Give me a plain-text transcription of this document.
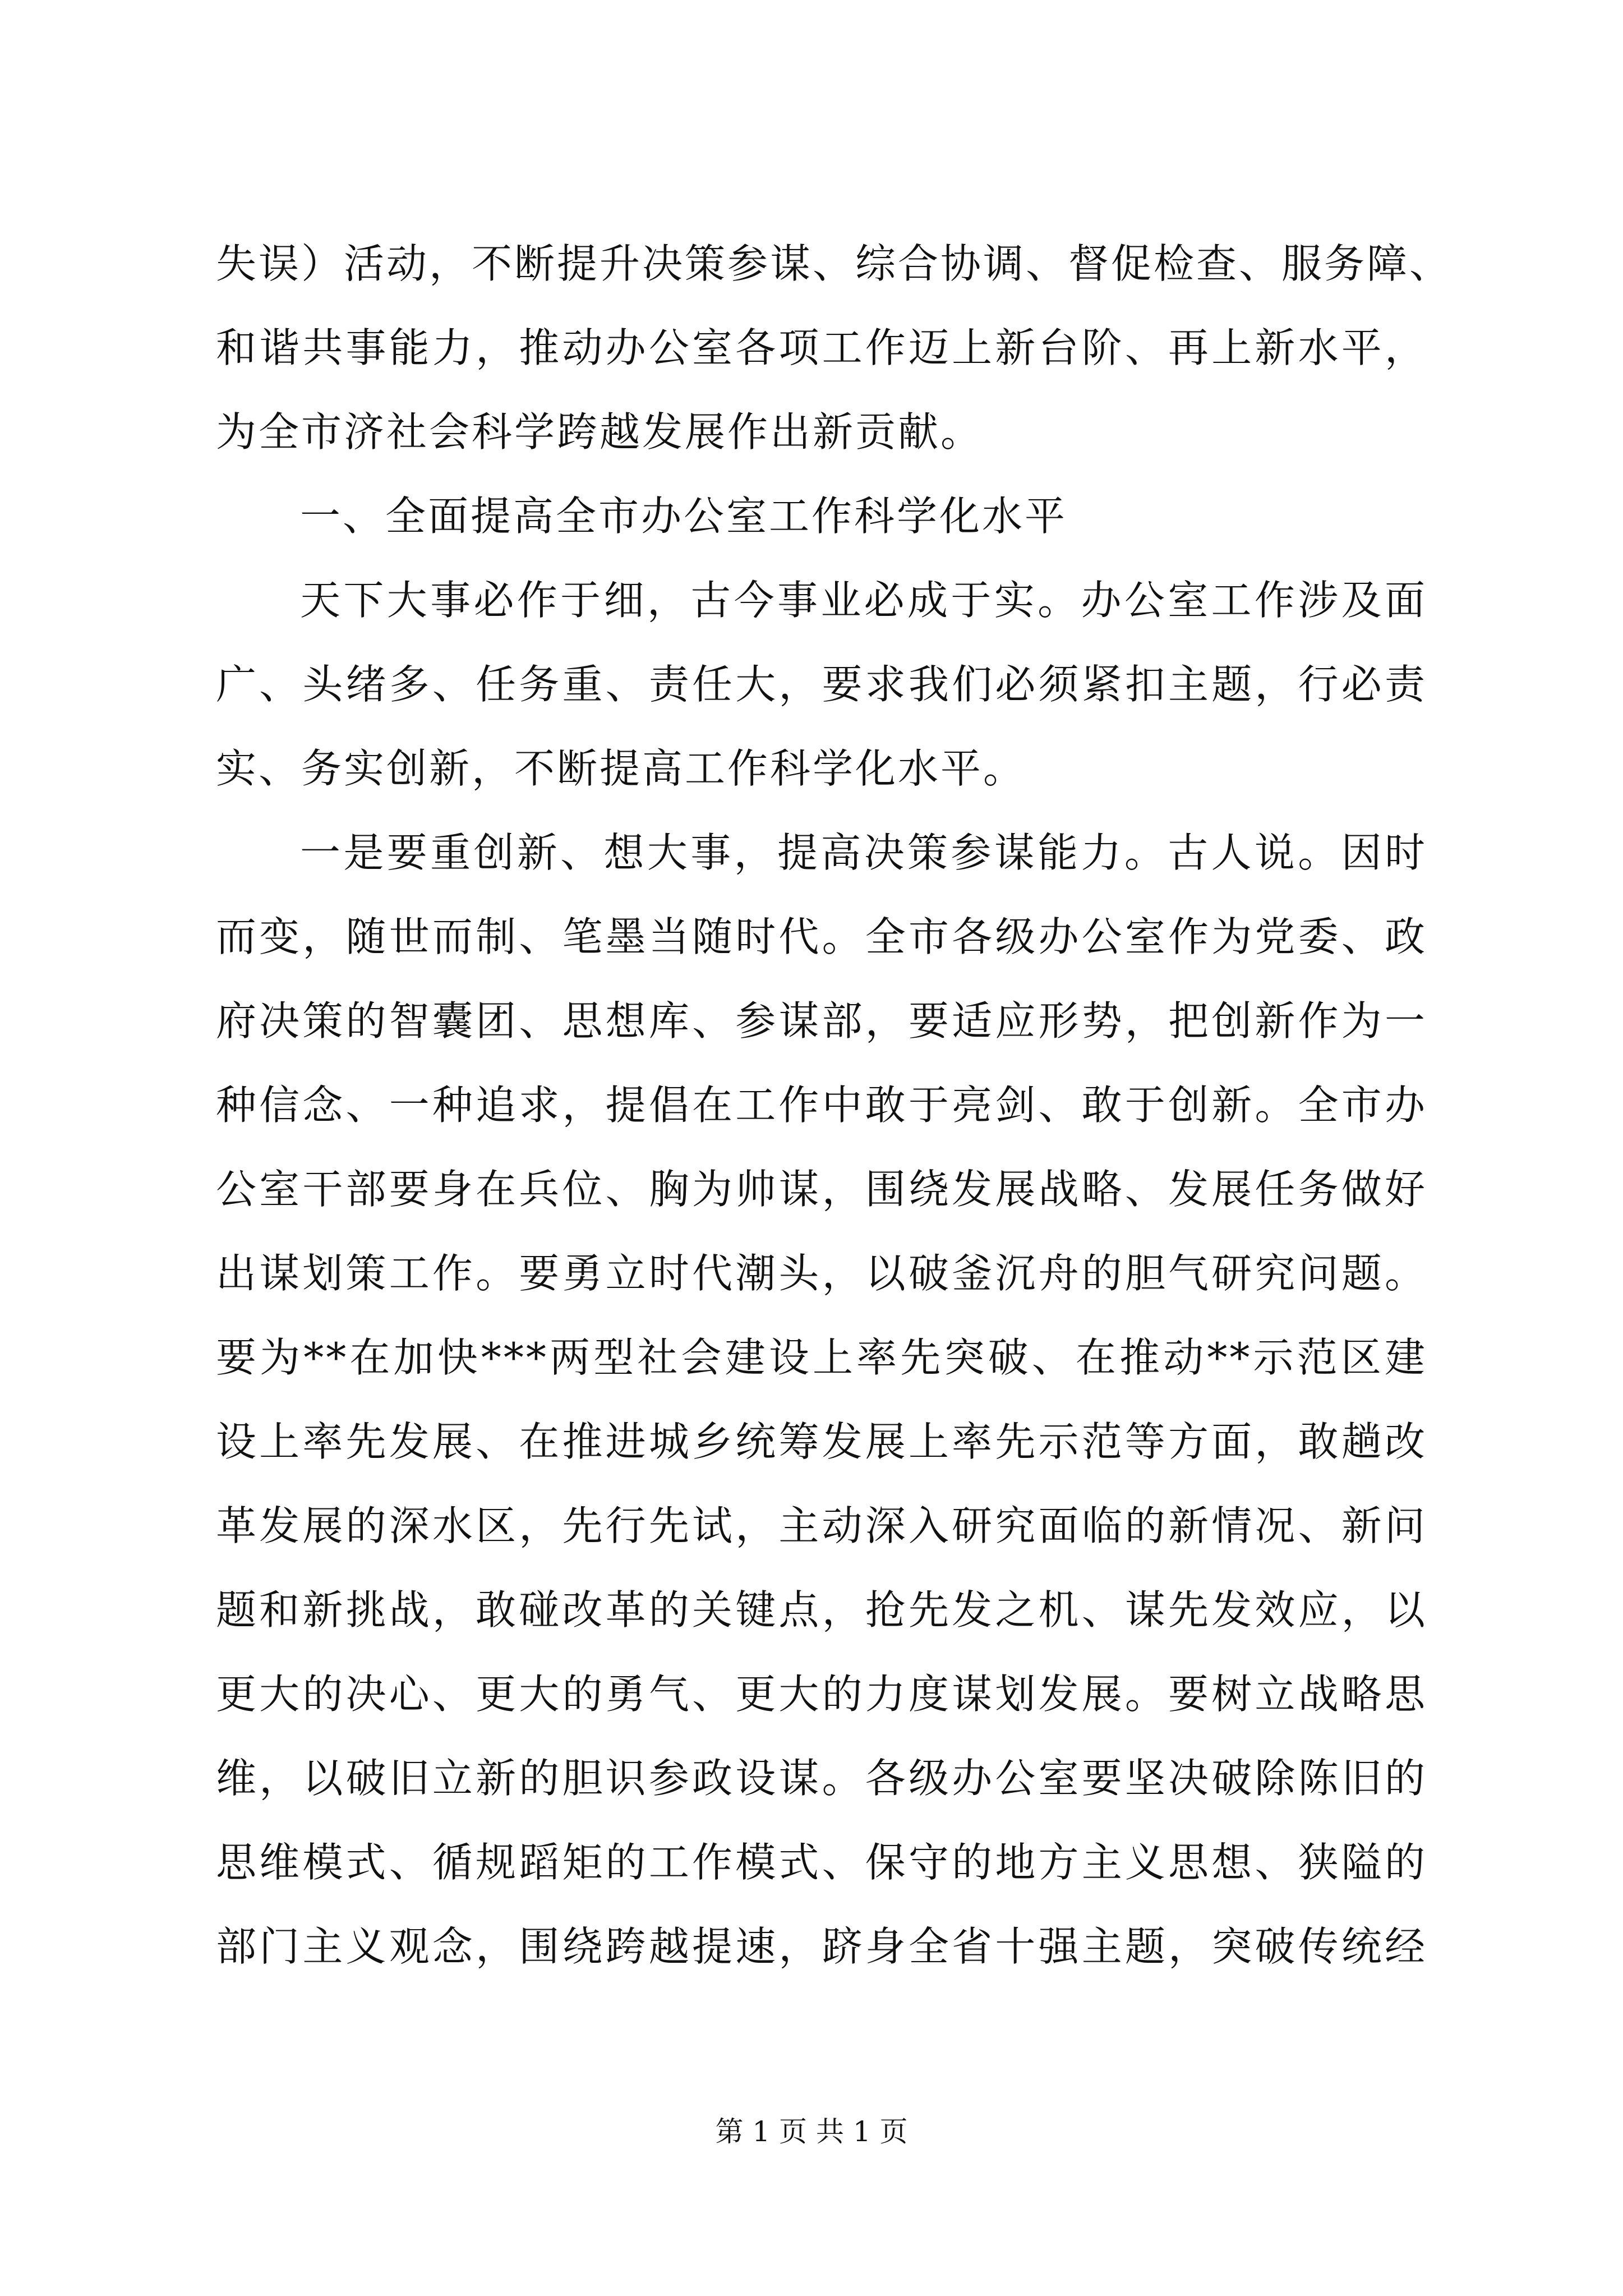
失误）活动，不断提升决策参谋、综合协调、督促检查、服务障、
和谐共事能力，推动办公室各项工作迈上新台阶、再上新水平，
为全市济社会科学跨越发展作出新贡献。
一、全面提高全市办公室工作科学化水平
天下大事必作于细，古今事业必成于实。办公室工作涉及面
广、头绪多、任务重、责任大，要求我们必须紧扣主题，行必责
实、务实创新，不断提高工作科学化水平。
一是要重创新、想大事，提高决策参谋能力。古人说。因时
而变，随世而制、笔墨当随时代。全市各级办公室作为党委、政
府决策的智囊团、思想库、参谋部，要适应形势，把创新作为一
种信念、一种追求，提倡在工作中敢于亮剑、敢于创新。全市办
公室干部要身在兵位、胸为帅谋，围绕发展战略、发展任务做好
出谋划策工作。要勇立时代潮头，以破釜沉舟的胆气研究问题。
要为**在加快***两型社会建设上率先突破、在推动**示范区建
设上率先发展、在推进城乡统筹发展上率先示范等方面，敢趟改
革发展的深水区，先行先试，主动深入研究面临的新情况、新问
题和新挑战，敢碰改革的关键点，抢先发之机、谋先发效应，以
更大的决心、更大的勇气、更大的力度谋划发展。要树立战略思
维，以破旧立新的胆识参政设谋。各级办公室要坚决破除陈旧的
思维模式、循规蹈矩的工作模式、保守的地方主义思想、狭隘的
部门主义观念，围绕跨越提速，跻身全省十强主题，突破传统经
第 1 页 共 1 页
